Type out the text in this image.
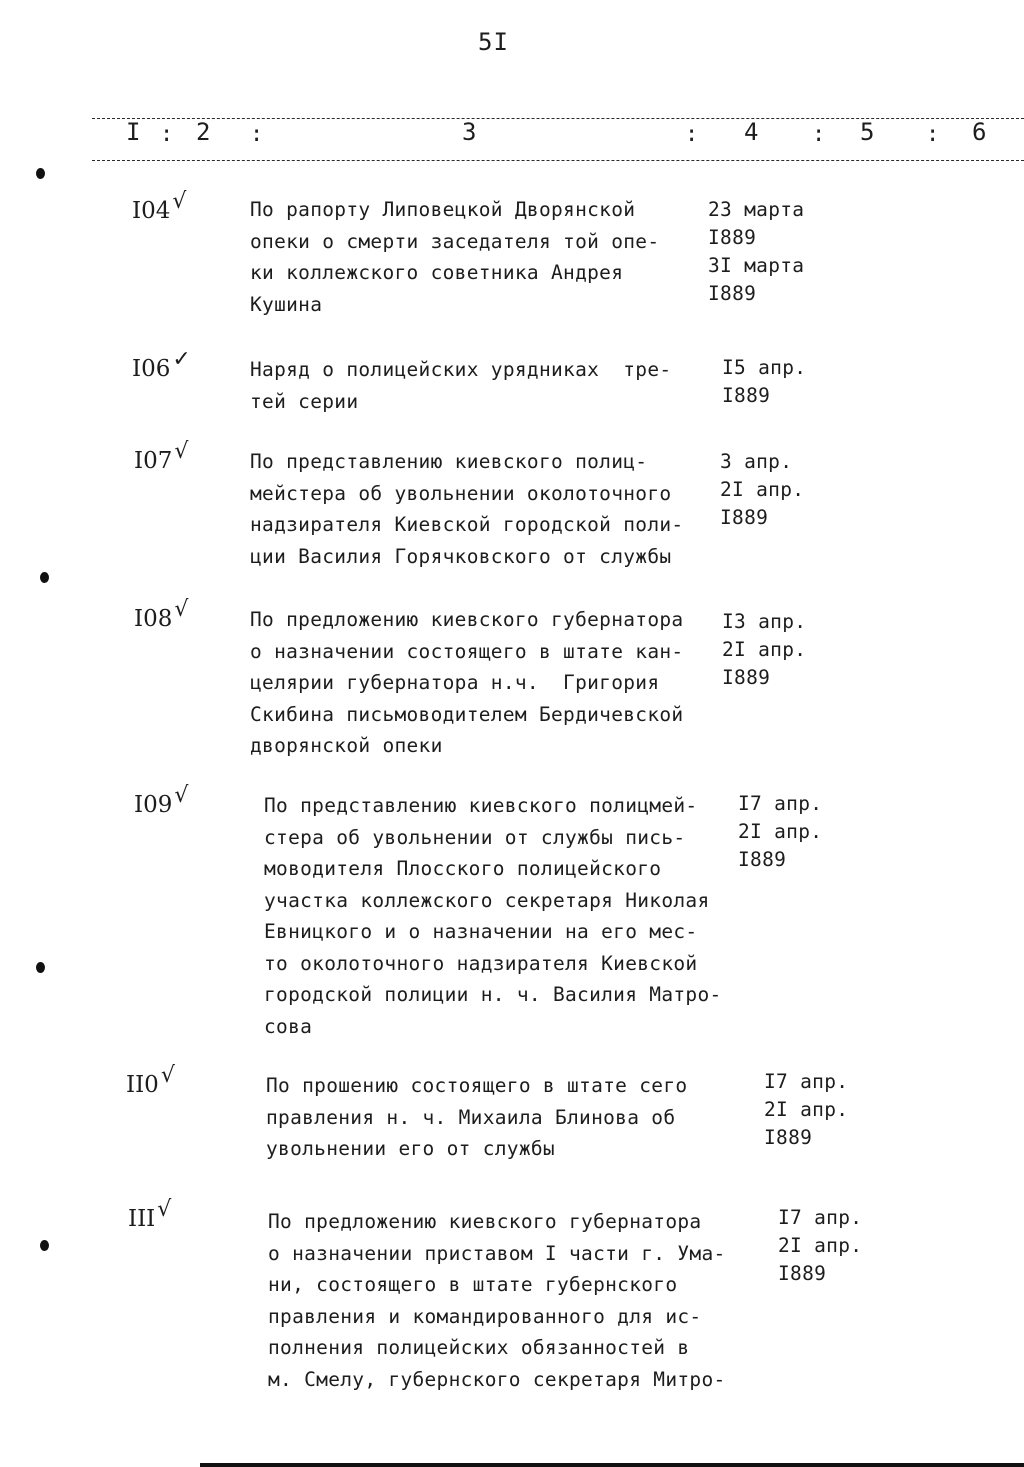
5I
I : 2 :	3	: 4 : 5 : 6
I04√	По рапорту Липовецкой Дворянской
опеки о смерти заседателя той опе-
ки коллежского советника Андрея
Кушина
23 марта
I889
3I марта
I889
I06✓	Наряд о полицейских урядниках  тре-
тей серии
I5 апр.
I889
I07√	По представлению киевского полиц-
мейстера об увольнении околоточного
надзирателя Киевской городской поли-
ции Василия Горячковского от службы
3 апр.
2I апр.
I889
I08√	По предложению киевского губернатора
о назначении состоящего в штате кан-
целярии губернатора н.ч.  Григория
Скибина письмоводителем Бердичевской
дворянской опеки
I3 апр.
2I апр.
I889
I09√	По представлению киевского полицмей-
стера об увольнении от службы пись-
моводителя Плосского полицейского
участка коллежского секретаря Николая
Евницкого и о назначении на его мес-
то околоточного надзирателя Киевской
городской полиции н. ч. Василия Матро-
сова
I7 апр.
2I апр.
I889
II0√	По прошению состоящего в штате сего
правления н. ч. Михаила Блинова об
увольнении его от службы
I7 апр.
2I апр.
I889
III√	По предложению киевского губернатора
о назначении приставом I части г. Ума-
ни, состоящего в штате губернского
правления и командированного для ис-
полнения полицейских обязанностей в
м. Смелу, губернского секретаря Митро-
I7 апр.
2I апр.
I889
